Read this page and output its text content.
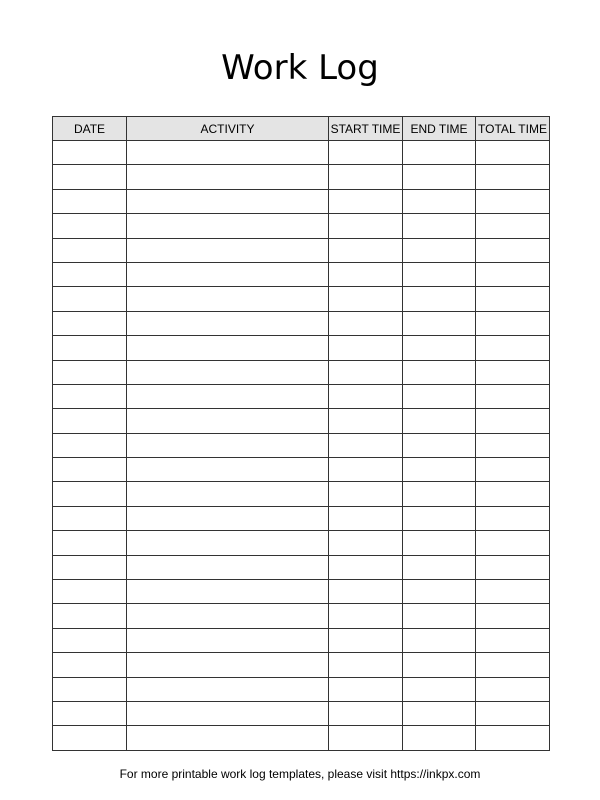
Work Log
DATE	ACTIVITY	START TIME	END TIME	TOTAL TIME

For more printable work log templates, please visit https://inkpx.com
